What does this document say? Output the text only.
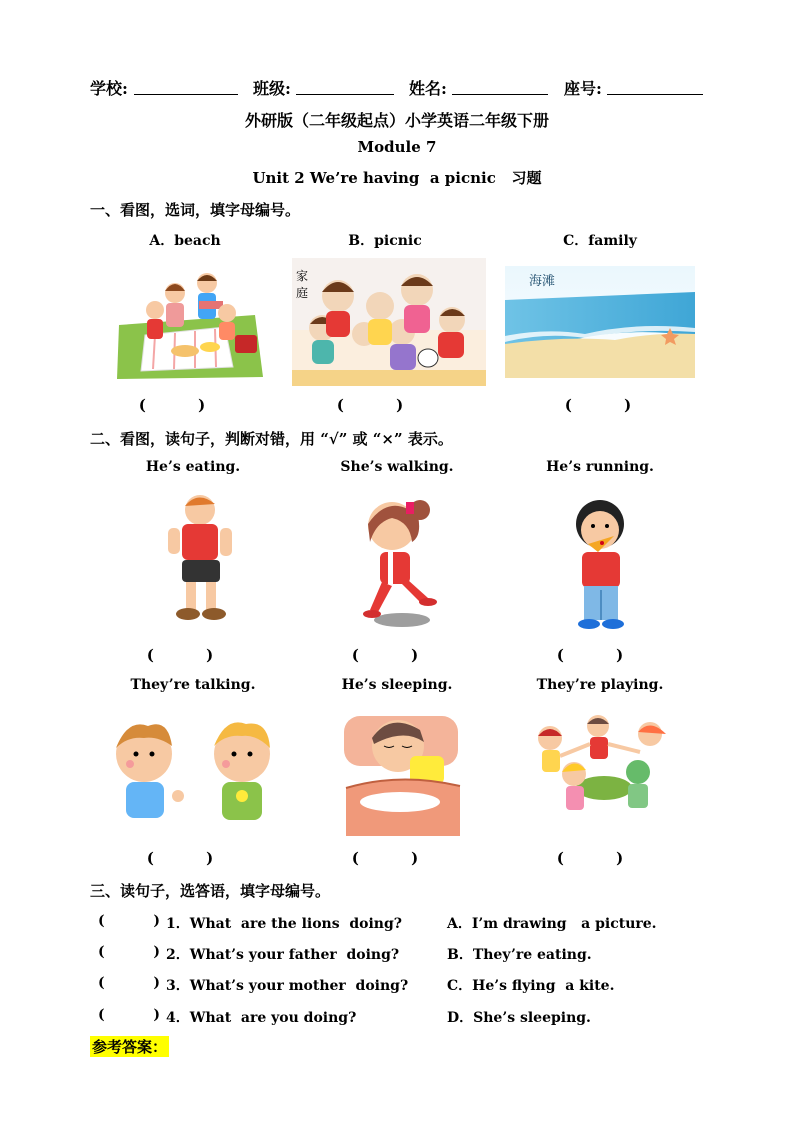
学校:	班级:	姓名:	座号:
外研版（二年级起点）小学英语二年级下册
Module 7
Unit 2 We’re having  a picnic   习题
一、看图，选词，填字母编号。
A．beach	B．picnic	C．family
家
庭
海滩
(          )	(          )	(          )
二、看图，读句子，判断对错，用 “√” 或 “×” 表示。
He’s eating.	She’s walking.	He’s running.
(          )	(          )	(          )
They’re talking.	He’s sleeping.	They’re playing.
(          )	(          )	(          )
三、读句子，选答语，填字母编号。
(          ) 1．What  are the lions  doing?	A．I’m drawing   a picture.
(          ) 2．What’s your father  doing?	B．They’re eating.
(          ) 3．What’s your mother  doing?	C．He’s flying  a kite.
(          ) 4．What  are you doing?	D．She’s sleeping.
参考答案：
